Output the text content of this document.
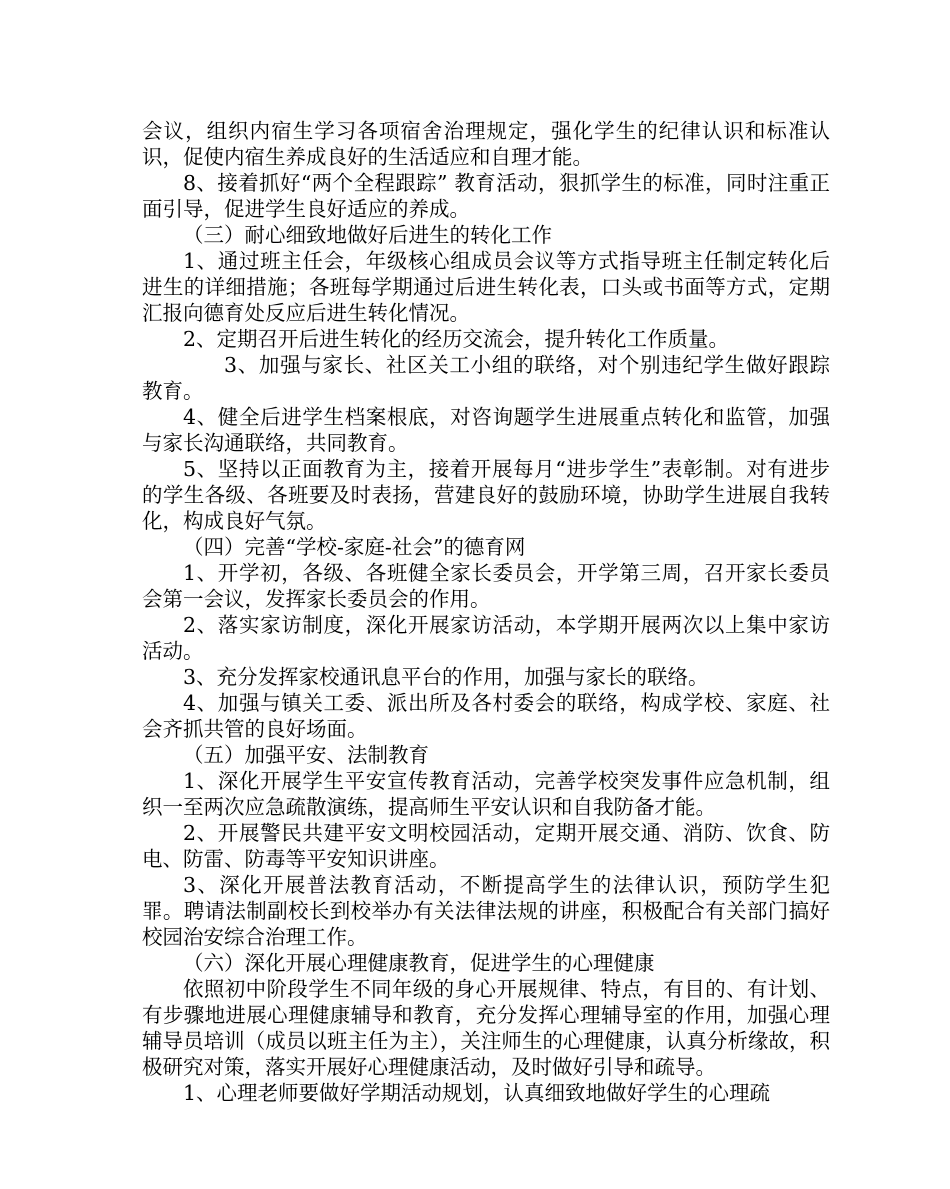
会议，组织内宿生学习各项宿舍治理规定，强化学生的纪律认识和标准认识，促使内宿生养成良好的生活适应和自理才能。

8、接着抓好“两个全程跟踪” 教育活动，狠抓学生的标准，同时注重正面引导，促进学生良好适应的养成。

（三）耐心细致地做好后进生的转化工作

1、通过班主任会，年级核心组成员会议等方式指导班主任制定转化后进生的详细措施；各班每学期通过后进生转化表，口头或书面等方式，定期汇报向德育处反应后进生转化情况。

2、定期召开后进生转化的经历交流会，提升转化工作质量。

3、加强与家长、社区关工小组的联络，对个别违纪学生做好跟踪教育。

4、健全后进学生档案根底，对咨询题学生进展重点转化和监管，加强与家长沟通联络，共同教育。

5、坚持以正面教育为主，接着开展每月“进步学生”表彰制。对有进步的学生各级、各班要及时表扬，营建良好的鼓励环境，协助学生进展自我转化，构成良好气氛。

（四）完善“学校-家庭-社会”的德育网

1、开学初，各级、各班健全家长委员会，开学第三周，召开家长委员会第一会议，发挥家长委员会的作用。

2、落实家访制度，深化开展家访活动，本学期开展两次以上集中家访活动。

3、充分发挥家校通讯息平台的作用，加强与家长的联络。

4、加强与镇关工委、派出所及各村委会的联络，构成学校、家庭、社会齐抓共管的良好场面。

（五）加强平安、法制教育

1、深化开展学生平安宣传教育活动，完善学校突发事件应急机制，组织一至两次应急疏散演练，提高师生平安认识和自我防备才能。

2、开展警民共建平安文明校园活动，定期开展交通、消防、饮食、防电、防雷、防毒等平安知识讲座。

3、深化开展普法教育活动，不断提高学生的法律认识，预防学生犯罪。聘请法制副校长到校举办有关法律法规的讲座，积极配合有关部门搞好校园治安综合治理工作。

（六）深化开展心理健康教育，促进学生的心理健康

依照初中阶段学生不同年级的身心开展规律、特点，有目的、有计划、有步骤地进展心理健康辅导和教育，充分发挥心理辅导室的作用，加强心理辅导员培训（成员以班主任为主），关注师生的心理健康，认真分析缘故，积极研究对策，落实开展好心理健康活动，及时做好引导和疏导。

1、心理老师要做好学期活动规划，认真细致地做好学生的心理疏
